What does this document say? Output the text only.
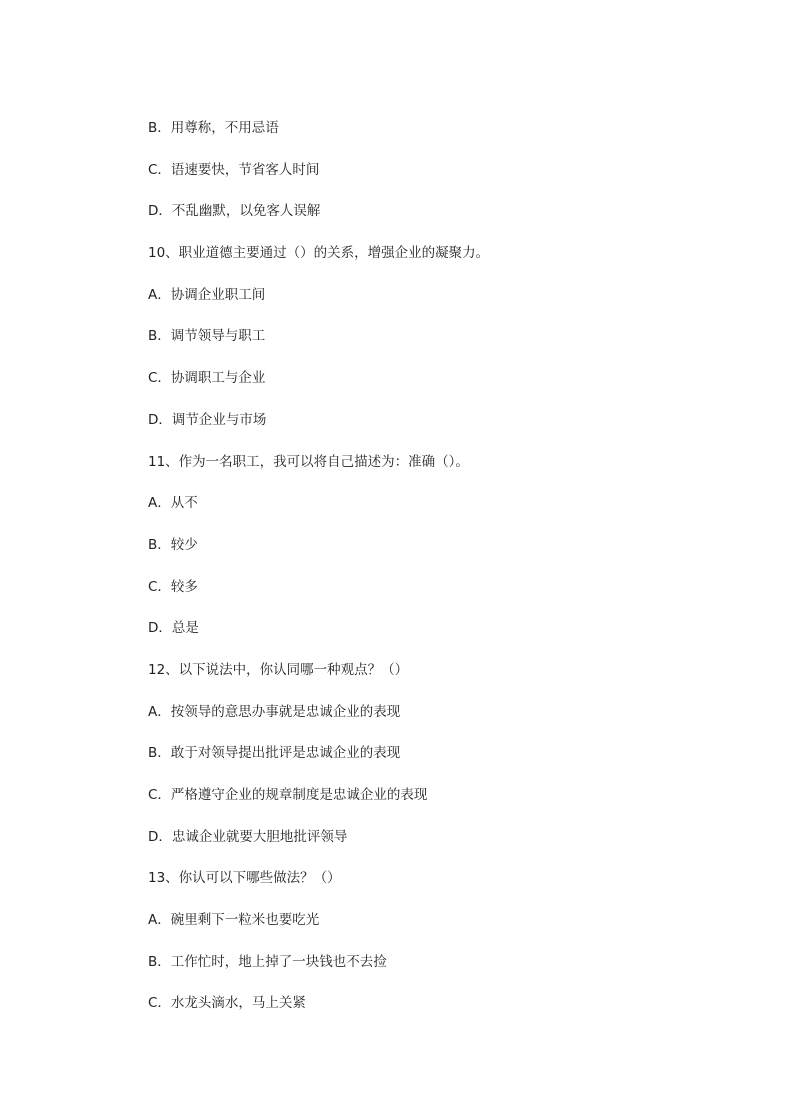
B．用尊称，不用忌语
C．语速要快，节省客人时间
D．不乱幽默，以免客人误解
10、职业道德主要通过（）的关系，增强企业的凝聚力。
A．协调企业职工间
B．调节领导与职工
C．协调职工与企业
D．调节企业与市场
11、作为一名职工，我可以将自己描述为：准确（）。
A．从不
B．较少
C．较多
D．总是
12、以下说法中，你认同哪一种观点？（）
A．按领导的意思办事就是忠诚企业的表现
B．敢于对领导提出批评是忠诚企业的表现
C．严格遵守企业的规章制度是忠诚企业的表现
D．忠诚企业就要大胆地批评领导
13、你认可以下哪些做法？（）
A．碗里剩下一粒米也要吃光
B．工作忙时，地上掉了一块钱也不去捡
C．水龙头滴水，马上关紧
